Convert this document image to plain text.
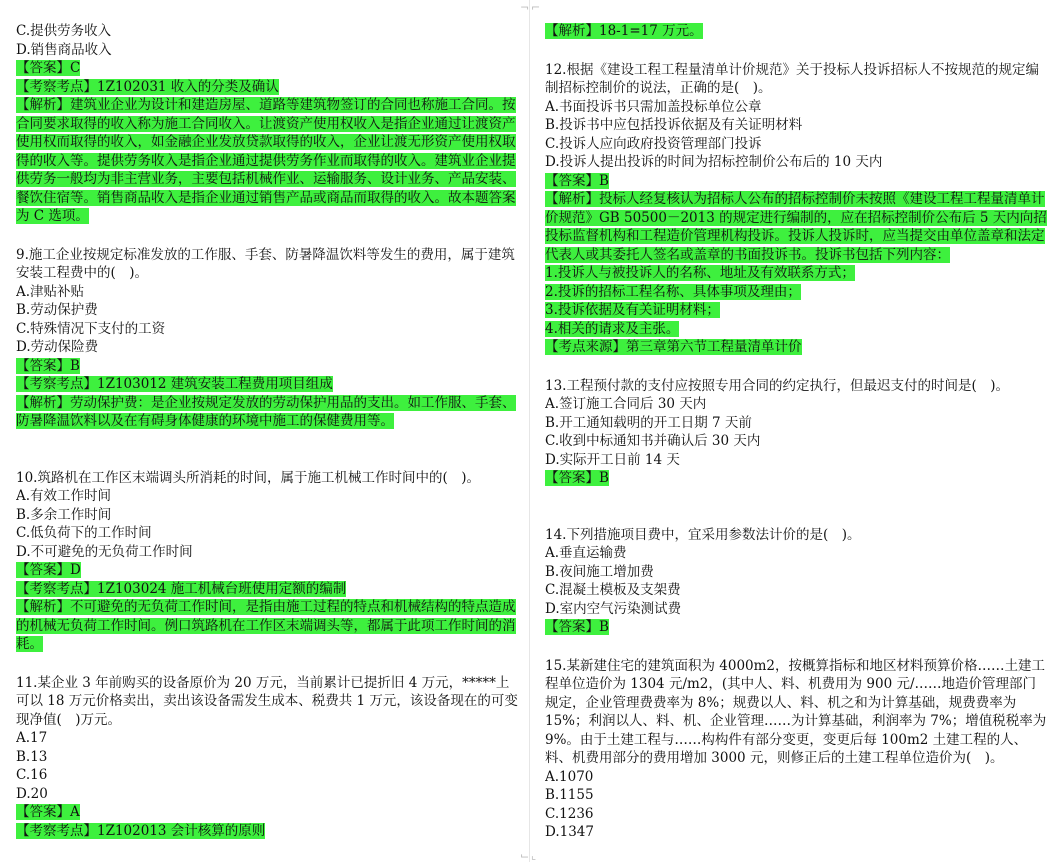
⌐
¬
⌙ ⌞
C.提供劳务收入
D.销售商品收入
【答案】C
【考察考点】1Z102031 收入的分类及确认
【解析】建筑业企业为设计和建造房屋、道路等建筑物签订的合同也称施工合同。按合同要求取得的收入称为施工合同收入。让渡资产使用权收入是指企业通过让渡资产使用权而取得的收入，如金融企业发放贷款取得的收入，企业让渡无形资产使用权取得的收入等。提供劳务收入是指企业通过提供劳务作业而取得的收入。建筑业企业提供劳务一般均为非主营业务，主要包括机械作业、运输服务、设计业务、产品安装、餐饮住宿等。销售商品收入是指企业通过销售产品或商品而取得的收入。故本题答案为 C 选项。
9.施工企业按规定标准发放的工作服、手套、防暑降温饮料等发生的费用，属于建筑安装工程费中的(　)。
A.津贴补贴
B.劳动保护费
C.特殊情况下支付的工资
D.劳动保险费
【答案】B
【考察考点】1Z103012 建筑安装工程费用项目组成
【解析】劳动保护费：是企业按规定发放的劳动保护用品的支出。如工作服、手套、防暑降温饮料以及在有碍身体健康的环境中施工的保健费用等。
10.筑路机在工作区末端调头所消耗的时间，属于施工机械工作时间中的(　)。
A.有效工作时间
B.多余工作时间
C.低负荷下的工作时间
D.不可避免的无负荷工作时间
【答案】D
【考察考点】1Z103024 施工机械台班使用定额的编制
【解析】不可避免的无负荷工作时间，是指由施工过程的特点和机械结构的特点造成的机械无负荷工作时间。例口筑路机在工作区末端调头等，都属于此项工作时间的消耗。
11.某企业 3 年前购买的设备原价为 20 万元，当前累计已提折旧 4 万元，*****上可以 18 万元价格卖出，卖出该设备需发生成本、税费共 1 万元，该设备现在的可变现净值(　)万元。
A.17
B.13
C.16
D.20
【答案】A
【考察考点】1Z102013 会计核算的原则
【解析】18-1=17 万元。
12.根据《建设工程工程量清单计价规范》关于投标人投诉招标人不按规范的规定编制招标控制价的说法，正确的是(　)。
A.书面投诉书只需加盖投标单位公章
B.投诉书中应包括投诉依据及有关证明材料
C.投诉人应向政府投资管理部门投诉
D.投诉人提出投诉的时间为招标控制价公布后的 10 天内
【答案】B
【解析】投标人经复核认为招标人公布的招标控制价未按照《建设工程工程量清单计价规范》GB 50500－2013 的规定进行编制的，应在招标控制价公布后 5 天内向招投标监督机构和工程造价管理机构投诉。投诉人投诉时，应当提交由单位盖章和法定代表人或其委托人签名或盖章的书面投诉书。投诉书包括下列内容：
1.投诉人与被投诉人的名称、地址及有效联系方式；
2.投诉的招标工程名称、具体事项及理由；
3.投诉依据及有关证明材料；
4.相关的请求及主张。
【考点来源】第三章第六节工程量清单计价
13.工程预付款的支付应按照专用合同的约定执行，但最迟支付的时间是(　)。
A.签订施工合同后 30 天内
B.开工通知载明的开工日期 7 天前
C.收到中标通知书并确认后 30 天内
D.实际开工日前 14 天
【答案】B
14.下列措施项目费中，宜采用参数法计价的是(　)。
A.垂直运输费
B.夜间施工增加费
C.混凝土模板及支架费
D.室内空气污染测试费
【答案】B
15.某新建住宅的建筑面积为 4000m2，按概算指标和地区材料预算价格……土建工程单位造价为 1304 元/m2，(其中人、料、机费用为 900 元/……地造价管理部门规定，企业管理费费率为 8%；规费以人、料、机之和为计算基础，规费费率为 15%；利润以人、料、机、企业管理……为计算基础，利润率为 7%；增值税税率为 9%。由于土建工程与……构构件有部分变更，变更后每 100m2 土建工程的人、料、机费用部分的费用增加 3000 元，则修正后的土建工程单位造价为(　)。
A.1070
B.1155
C.1236
D.1347
